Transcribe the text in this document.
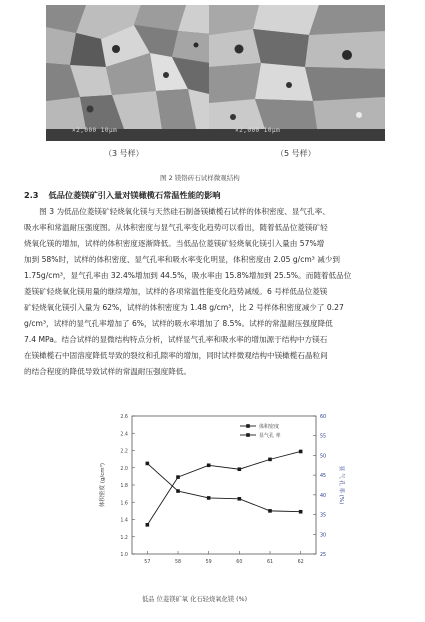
×2,000 10μm	×2,000 10μm
（3 号样）	（5 号样）
图 2 镁铬砖石试样微观结构
2.3 低品位菱镁矿引入量对镁橄榄石常温性能的影响
　　图 3 为低品位菱镁矿轻烧氧化镁与天然硅石制备镁橄榄石试样的体积密度、显气孔率、
吸水率和常温耐压强度图。从体积密度与显气孔率变化趋势可以看出，随着低品位菱镁矿轻
烧氧化镁的增加，试样的体积密度逐渐降低。当低品位菱镁矿轻烧氧化镁引入量由 57%增
加到 58%时，试样的体积密度、显气孔率和吸水率变化明显，体积密度由 2.05 g/cm³ 减少到
1.75g/cm³，显气孔率由 32.4%增加到 44.5%，吸水率由 15.8%增加到 25.5%。而随着低品位
菱镁矿轻烧氧化镁用量的继续增加，试样的各项常温性能变化趋势减缓。6 号样低品位菱镁
矿轻烧氧化镁引入量为 62%，试样的体积密度为 1.48 g/cm³，比 2 号样体积密度减少了 0.27
g/cm³，试样的显气孔率增加了 6%，试样的吸水率增加了 8.5%。试样的常温耐压强度降低
7.4 MPa。结合试样的显微结构特点分析，试样显气孔率和吸水率的增加源于结构中方镁石
在镁橄榄石中固溶度降低导致的裂纹和孔隙率的增加，同时试样微观结构中镁橄榄石晶粒间
的结合程度的降低导致试样的常温耐压强度降低。
1.0
1.2
1.4
1.6
1.8
2.0
2.2
2.4
2.6
25
30
35
40
45
50
55
60
57	58	59	60	61	62
体积密度 (g/cm³)	显 气 孔 率 (%)
体积密度
显气孔 率
低品 位菱镁矿氧 化石轻烧氧化镁 (%)
